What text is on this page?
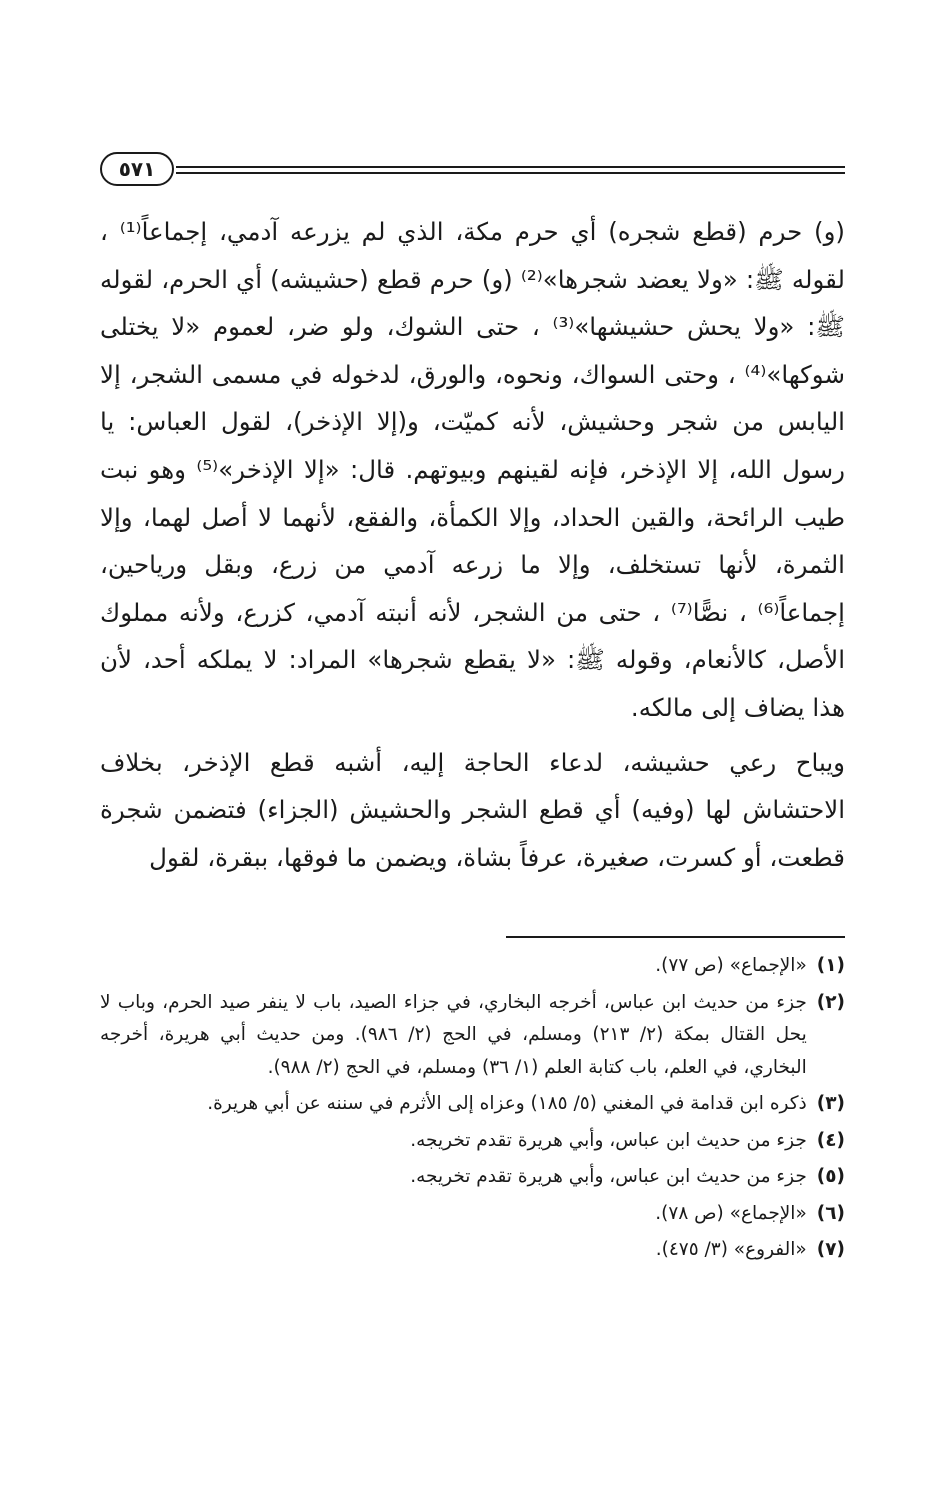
٥٧١

(و) حرم (قطع شجره) أي حرم مكة، الذي لم يزرعه آدمي، إجماعاً⁽¹⁾ ، لقوله ﷺ: «ولا يعضد شجرها»⁽²⁾ (و) حرم قطع (حشيشه) أي الحرم، لقوله ﷺ: «ولا يحش حشيشها»⁽³⁾ ، حتى الشوك، ولو ضر، لعموم «لا يختلى شوكها»⁽⁴⁾ ، وحتى السواك، ونحوه، والورق، لدخوله في مسمى الشجر، إلا اليابس من شجر وحشيش، لأنه كميّت، و(إلا الإذخر)، لقول العباس: يا رسول الله، إلا الإذخر، فإنه لقينهم وبيوتهم. قال: «إلا الإذخر»⁽⁵⁾ وهو نبت طيب الرائحة، والقين الحداد، وإلا الكمأة، والفقع، لأنهما لا أصل لهما، وإلا الثمرة، لأنها تستخلف، وإلا ما زرعه آدمي من زرع، وبقل ورياحين، إجماعاً⁽⁶⁾ ، نصًّا⁽⁷⁾ ، حتى من الشجر، لأنه أنبته آدمي، كزرع، ولأنه مملوك الأصل، كالأنعام، وقوله ﷺ: «لا يقطع شجرها» المراد: لا يملكه أحد، لأن هذا يضاف إلى مالكه.

ويباح رعي حشيشه، لدعاء الحاجة إليه، أشبه قطع الإذخر، بخلاف الاحتشاش لها (وفيه) أي قطع الشجر والحشيش (الجزاء) فتضمن شجرة قطعت، أو كسرت، صغيرة، عرفاً بشاة، ويضمن ما فوقها، ببقرة، لقول

(١)
«الإجماع» (ص ٧٧).
(٢)
جزء من حديث ابن عباس، أخرجه البخاري، في جزاء الصيد، باب لا ينفر صيد الحرم، وباب لا يحل القتال بمكة (٢/ ٢١٣) ومسلم، في الحج (٢/ ٩٨٦). ومن حديث أبي هريرة، أخرجه البخاري، في العلم، باب كتابة العلم (١/ ٣٦) ومسلم، في الحج (٢/ ٩٨٨).
(٣)
ذكره ابن قدامة في المغني (٥/ ١٨٥) وعزاه إلى الأثرم في سننه عن أبي هريرة.
(٤)
جزء من حديث ابن عباس، وأبي هريرة تقدم تخريجه.
(٥)
جزء من حديث ابن عباس، وأبي هريرة تقدم تخريجه.
(٦)
«الإجماع» (ص ٧٨).
(٧)
«الفروع» (٣/ ٤٧٥).
